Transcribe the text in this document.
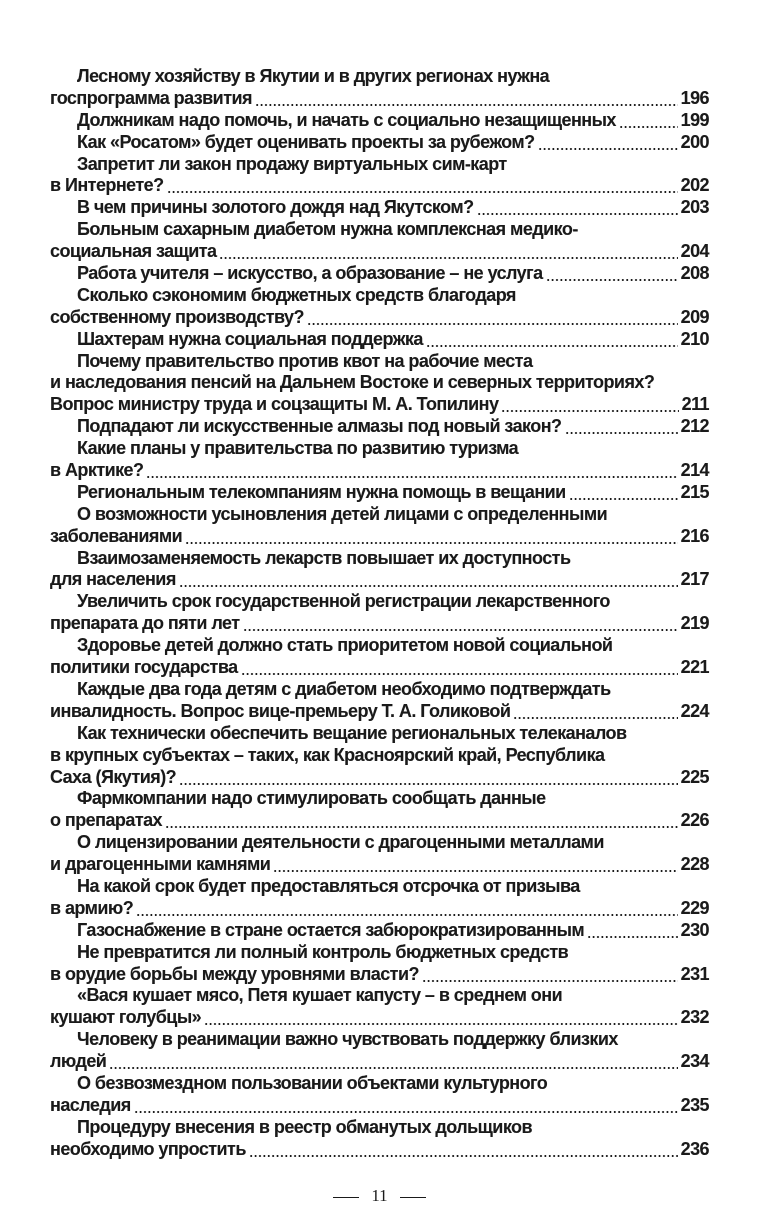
Лесному хозяйству в Якутии и в других регионах нужна
госпрограмма развития	196
Должникам надо помочь, и начать с социально незащищенных	199
Как «Росатом» будет оценивать проекты за рубежом?	200
Запретит ли закон продажу виртуальных сим-карт
в Интернете?	202
В чем причины золотого дождя над Якутском?	203
Больным сахарным диабетом нужна комплексная медико-
социальная защита	204
Работа учителя – искусство, а образование – не услуга	208
Сколько сэкономим бюджетных средств благодаря
собственному производству?	209
Шахтерам нужна социальная поддержка	210
Почему правительство против квот на рабочие места
и наследования пенсий на Дальнем Востоке и северных территориях?
Вопрос министру труда и соцзащиты М. А. Топилину	211
Подпадают ли искусственные алмазы под новый закон?	212
Какие планы у правительства по развитию туризма
в Арктике?	214
Региональным телекомпаниям нужна помощь в вещании	215
О возможности усыновления детей лицами с определенными
заболеваниями	216
Взаимозаменяемость лекарств повышает их доступность
для населения	217
Увеличить срок государственной регистрации лекарственного
препарата до пяти лет	219
Здоровье детей должно стать приоритетом новой социальной
политики государства	221
Каждые два года детям с диабетом необходимо подтверждать
инвалидность. Вопрос вице-премьеру Т. А. Голиковой	224
Как технически обеспечить вещание региональных телеканалов
в крупных субъектах – таких, как Красноярский край, Республика
Саха (Якутия)?	225
Фармкомпании надо стимулировать сообщать данные
о препаратах	226
О лицензировании деятельности с драгоценными металлами
и драгоценными камнями	228
На какой срок будет предоставляться отсрочка от призыва
в армию?	229
Газоснабжение в стране остается забюрократизированным	230
Не превратится ли полный контроль бюджетных средств
в орудие борьбы между уровнями власти?	231
«Вася кушает мясо, Петя кушает капусту – в среднем они
кушают голубцы»	232
Человеку в реанимации важно чувствовать поддержку близких
людей	234
О безвозмездном пользовании объектами культурного
наследия	235
Процедуру внесения в реестр обманутых дольщиков
необходимо упростить	236
11
